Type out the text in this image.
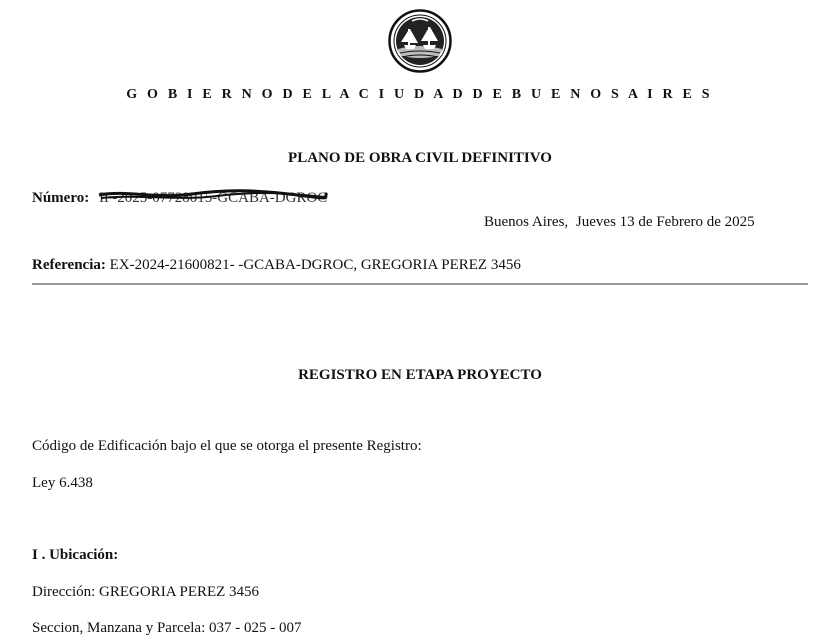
G O B I E R N O D E L A C I U D A D D E B U E N O S A I R E S
PLANO DE OBRA CIVIL DEFINITIVO
Número: IF-2025-07728015-GCABA-DGROC
Buenos Aires, Jueves 13 de Febrero de 2025
Referencia: EX-2024-21600821- -GCABA-DGROC, GREGORIA PEREZ 3456
REGISTRO EN ETAPA PROYECTO
Código de Edificación bajo el que se otorga el presente Registro:
Ley 6.438
I . Ubicación:
Dirección: GREGORIA PEREZ 3456
Seccion, Manzana y Parcela: 037 - 025 - 007
